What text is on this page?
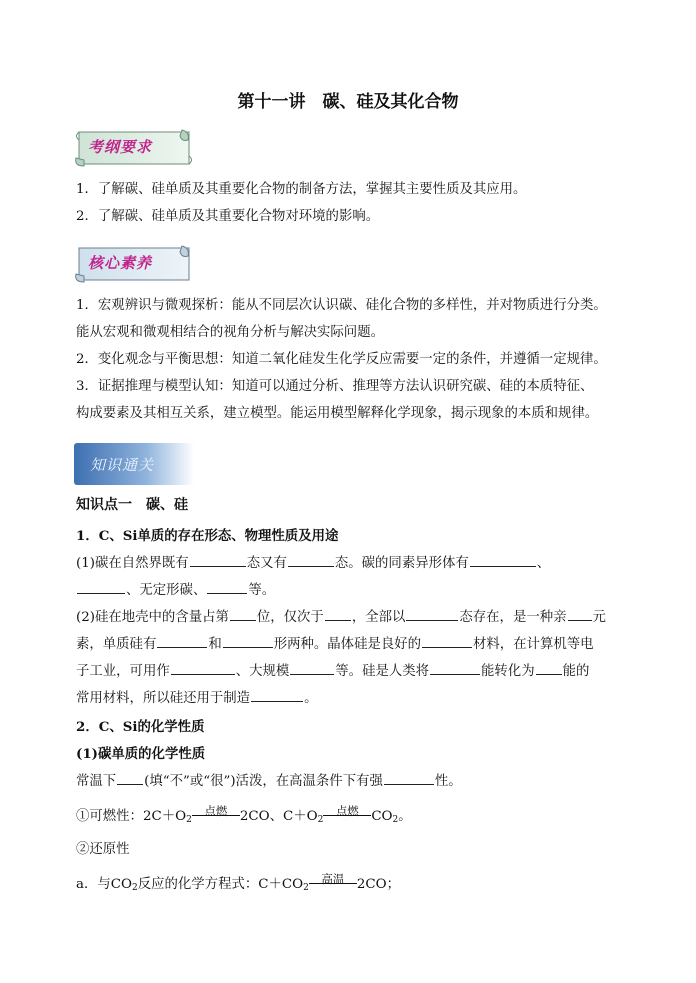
第十一讲　碳、硅及其化合物
考纲要求
1．了解碳、硅单质及其重要化合物的制备方法，掌握其主要性质及其应用。
2．了解碳、硅单质及其重要化合物对环境的影响。
核心素养
1．宏观辨识与微观探析：能从不同层次认识碳、硅化合物的多样性，并对物质进行分类。
能从宏观和微观相结合的视角分析与解决实际问题。
2．变化观念与平衡思想：知道二氧化硅发生化学反应需要一定的条件，并遵循一定规律。
3．证据推理与模型认知：知道可以通过分析、推理等方法认识研究碳、硅的本质特征、
构成要素及其相互关系，建立模型。能运用模型解释化学现象，揭示现象的本质和规律。
知识通关
知识点一　碳、硅
1．C、Si单质的存在形态、物理性质及用途
(1)碳在自然界既有	态又有	态。碳的同素异形体有	、
、无定形碳、	等。
(2)硅在地壳中的含量占第 位，仅次于 ，全部以	态存在，是一种亲 元
素，单质硅有	和	形两种。晶体硅是良好的	材料，在计算机等电
子工业，可用作	、大规模	等。硅是人类将	能转化为 能的
常用材料，所以硅还用于制造	。
2．C、Si的化学性质
(1)碳单质的化学性质
常温下 (填“不”或“很”)活泼，在高温条件下有强	性。
①可燃性：$2C+O_2$
点燃 2CO、$C+O_2$
点燃 $CO_2$。
②还原性
a．与$CO_2$反应的化学方程式：$C+CO_2$
高温 2CO；
